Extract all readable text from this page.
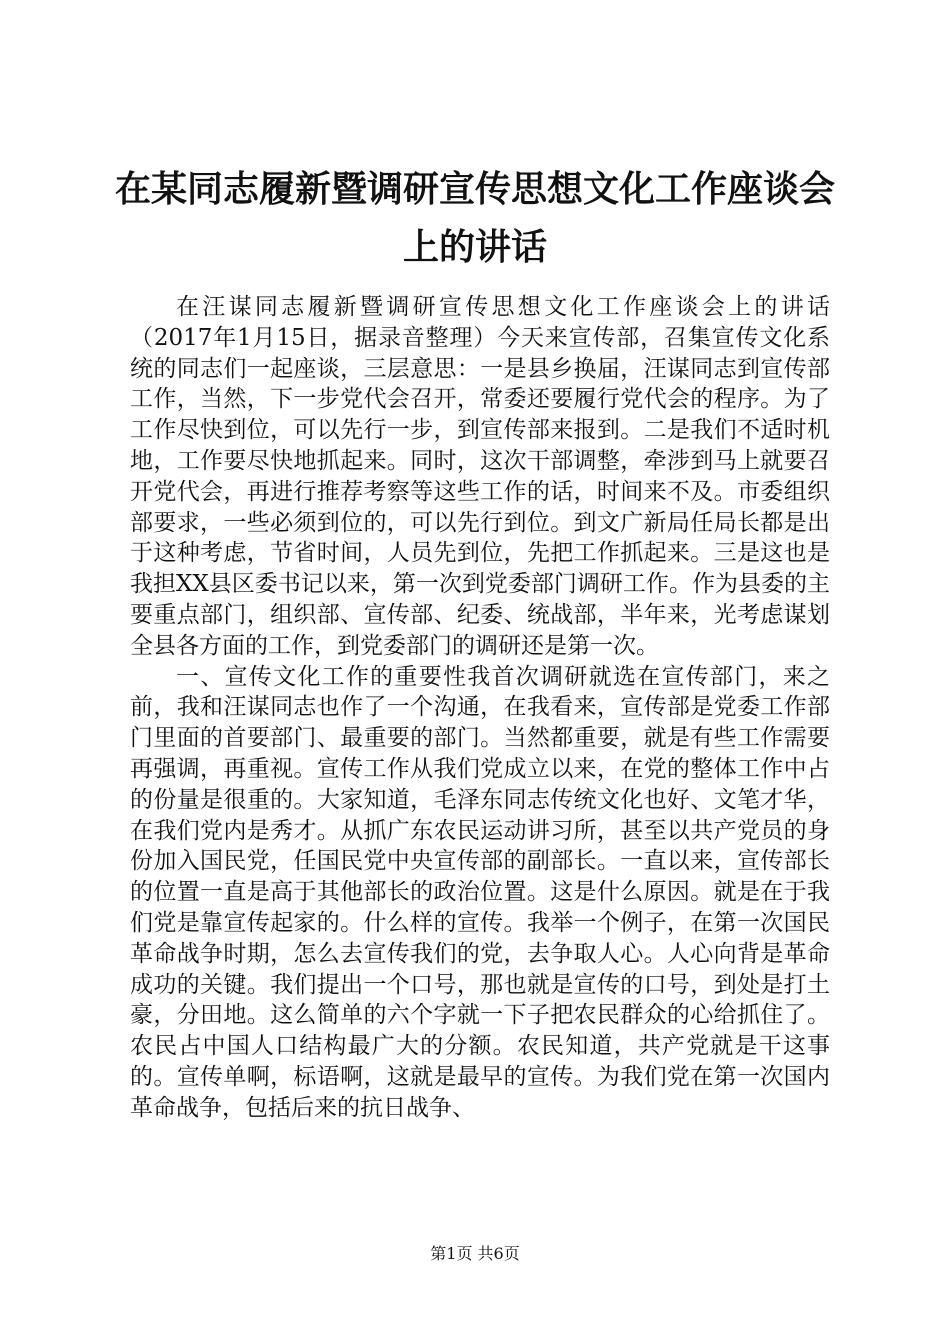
在某同志履新暨调研宣传思想文化工作座谈会上的讲话

在汪谋同志履新暨调研宣传思想文化工作座谈会上的讲话（2017年1月15日，据录音整理）今天来宣传部，召集宣传文化系统的同志们一起座谈，三层意思：一是县乡换届，汪谋同志到宣传部工作，当然，下一步党代会召开，常委还要履行党代会的程序。为了工作尽快到位，可以先行一步，到宣传部来报到。二是我们不适时机地，工作要尽快地抓起来。同时，这次干部调整，牵涉到马上就要召开党代会，再进行推荐考察等这些工作的话，时间来不及。市委组织部要求，一些必须到位的，可以先行到位。到文广新局任局长都是出于这种考虑，节省时间，人员先到位，先把工作抓起来。三是这也是我担XX县区委书记以来，第一次到党委部门调研工作。作为县委的主要重点部门，组织部、宣传部、纪委、统战部，半年来，光考虑谋划全县各方面的工作，到党委部门的调研还是第一次。

一、宣传文化工作的重要性我首次调研就选在宣传部门，来之前，我和汪谋同志也作了一个沟通，在我看来，宣传部是党委工作部门里面的首要部门、最重要的部门。当然都重要，就是有些工作需要再强调，再重视。宣传工作从我们党成立以来，在党的整体工作中占的份量是很重的。大家知道，毛泽东同志传统文化也好、文笔才华，在我们党内是秀才。从抓广东农民运动讲习所，甚至以共产党员的身份加入国民党，任国民党中央宣传部的副部长。一直以来，宣传部长的位置一直是高于其他部长的政治位置。这是什么原因。就是在于我们党是靠宣传起家的。什么样的宣传。我举一个例子，在第一次国民革命战争时期，怎么去宣传我们的党，去争取人心。人心向背是革命成功的关键。我们提出一个口号，那也就是宣传的口号，到处是打土豪，分田地。这么简单的六个字就一下子把农民群众的心给抓住了。农民占中国人口结构最广大的分额。农民知道，共产党就是干这事的。宣传单啊，标语啊，这就是最早的宣传。为我们党在第一次国内革命战争，包括后来的抗日战争、

第1页 共6页
